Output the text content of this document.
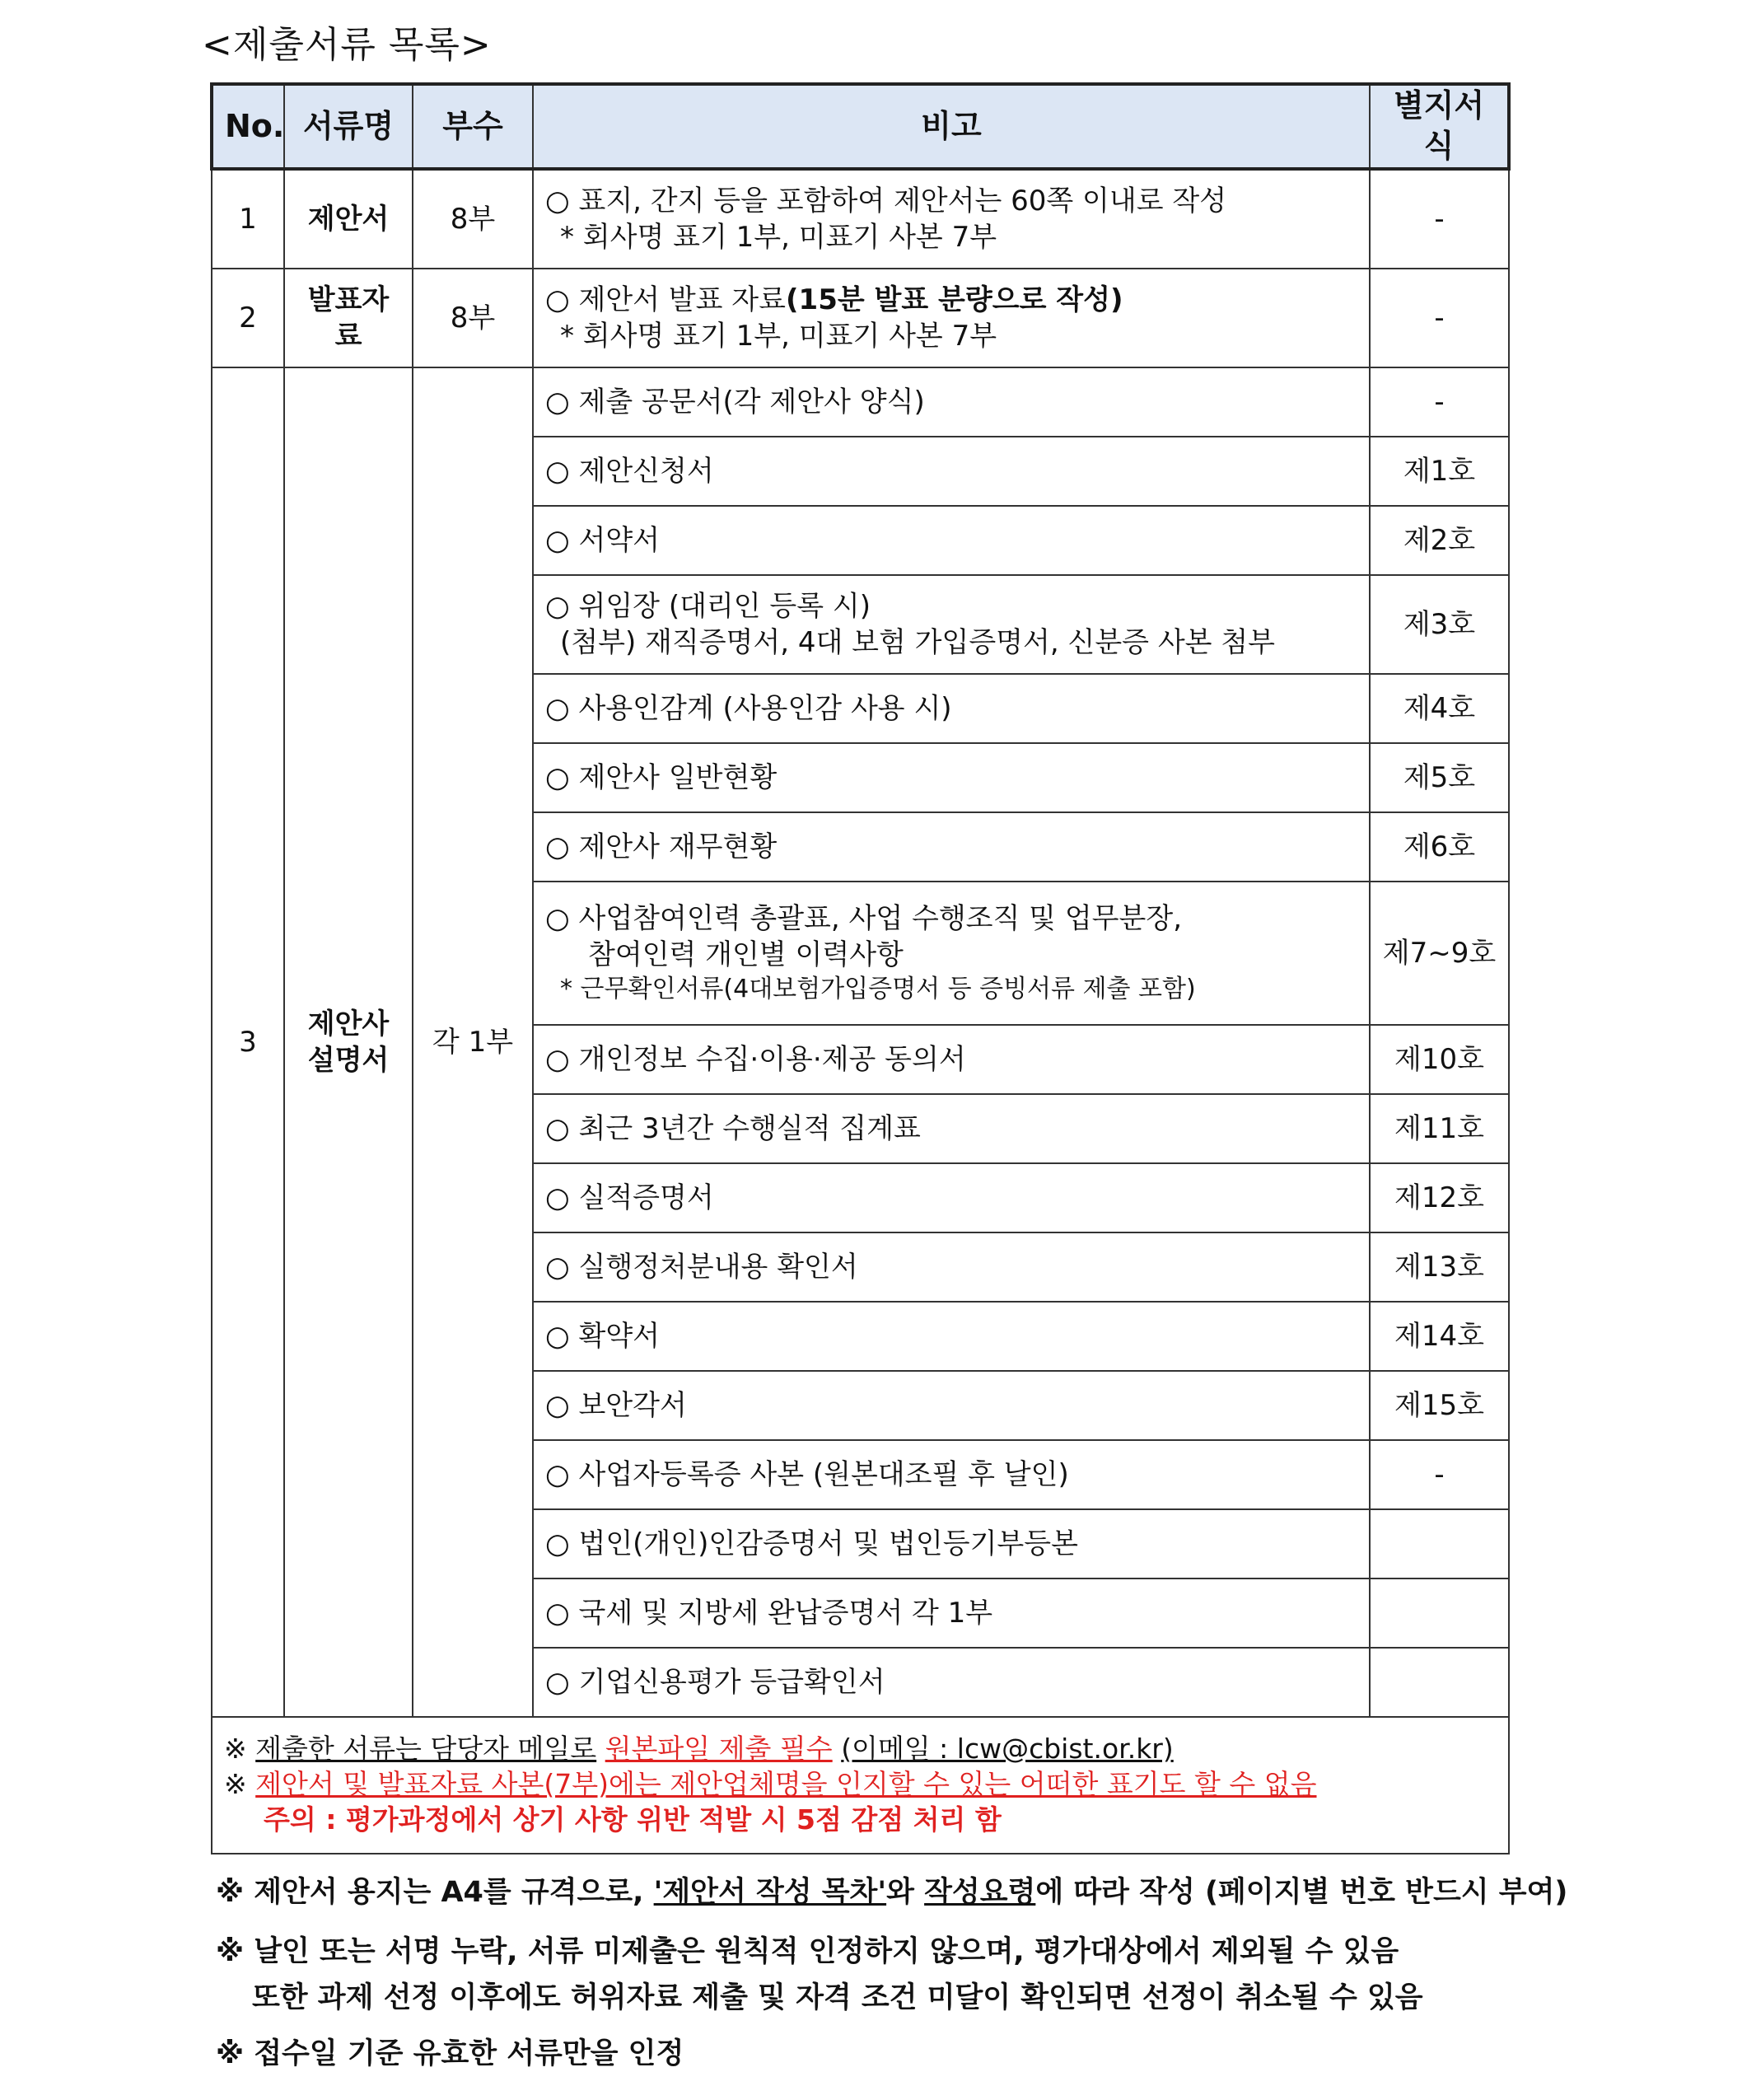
<제출서류 목록>
No.	서류명	부수	비고	별지서식
1	제안서	8부	○ 표지, 간지 등을 포함하여 제안서는 60쪽 이내로 작성
* 회사명 표기 1부, 미표기 사본 7부	-
2	발표자료	8부	○ 제안서 발표 자료(15분 발표 분량으로 작성)
* 회사명 표기 1부, 미표기 사본 7부	-
3	제안사
설명서	각 1부	○ 제출 공문서(각 제안사 양식)	-
			○ 제안신청서	제1호
			○ 서약서	제2호

			○ 위임장 (대리인 등록 시)
(첨부) 재직증명서, 4대 보험 가입증명서, 신분증 사본 첨부	제3호
			○ 사용인감계 (사용인감 사용 시)	제4호
			○ 제안사 일반현황	제5호
			○ 제안사 재무현황	제6호

			○ 사업참여인력 총괄표, 사업 수행조직 및 업무분장,
참여인력 개인별 이력사항
* 근무확인서류(4대보험가입증명서 등 증빙서류 제출 포함)	제7~9호
			○ 개인정보 수집·이용·제공 동의서	제10호
			○ 최근 3년간 수행실적 집계표	제11호
			○ 실적증명서	제12호
			○ 실행정처분내용 확인서	제13호
			○ 확약서	제14호
			○ 보안각서	제15호
			○ 사업자등록증 사본 (원본대조필 후 날인)	-
			○ 법인(개인)인감증명서 및 법인등기부등본	
			○ 국세 및 지방세 완납증명서 각 1부	
			○ 기업신용평가 등급확인서	

※ 제출한 서류는 담당자 메일로 원본파일 제출 필수 (이메일 : lcw@cbist.or.kr)
※ 제안서 및 발표자료 사본(7부)에는 제안업체명을 인지할 수 있는 어떠한 표기도 할 수 없음
주의 : 평가과정에서 상기 사항 위반 적발 시 5점 감점 처리 함				
※ 제안서 용지는 A4를 규격으로, '제안서 작성 목차'와 작성요령에 따라 작성 (페이지별 번호 반드시 부여)
※ 날인 또는 서명 누락, 서류 미제출은 원칙적 인정하지 않으며, 평가대상에서 제외될 수 있음
또한 과제 선정 이후에도 허위자료 제출 및 자격 조건 미달이 확인되면 선정이 취소될 수 있음
※ 접수일 기준 유효한 서류만을 인정
